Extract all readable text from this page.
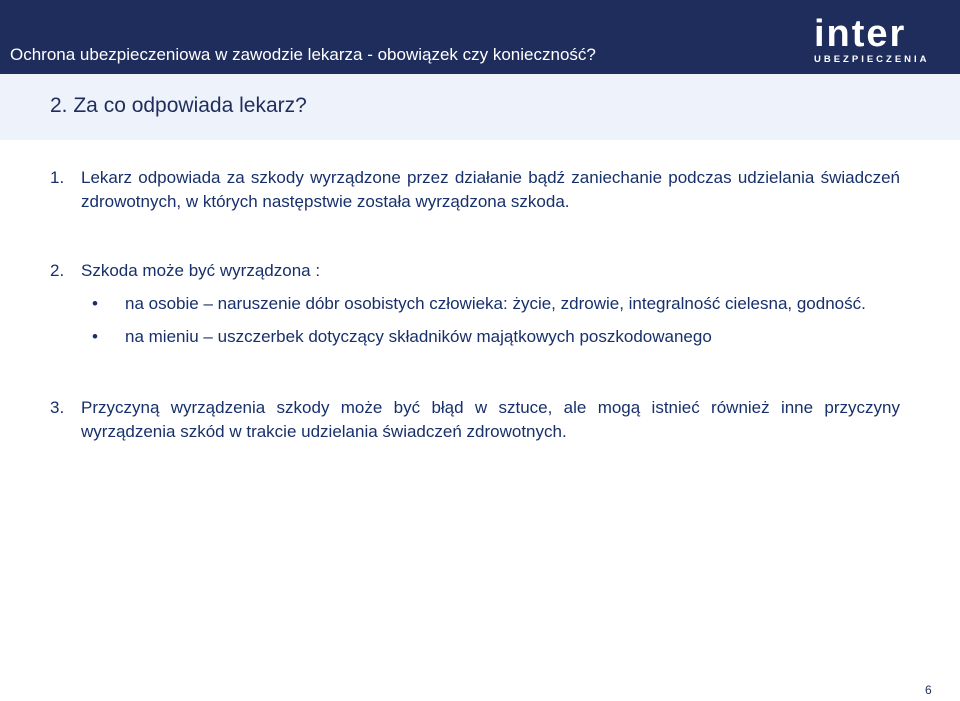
Ochrona ubezpieczeniowa w zawodzie lekarza - obowiązek czy konieczność?	inter
UBEZPIECZENIA
2. Za co odpowiada lekarz?
1. Lekarz odpowiada za szkody wyrządzone przez działanie bądź zaniechanie podczas udzielania świadczeń zdrowotnych, w których następstwie została wyrządzona szkoda.
2. Szkoda może być wyrządzona :
• na osobie – naruszenie dóbr osobistych człowieka: życie, zdrowie, integralność cielesna, godność.
• na mieniu – uszczerbek dotyczący składników majątkowych poszkodowanego
3. Przyczyną wyrządzenia szkody może być błąd w sztuce, ale mogą istnieć również inne przyczyny wyrządzenia szkód w trakcie udzielania świadczeń zdrowotnych.
6
